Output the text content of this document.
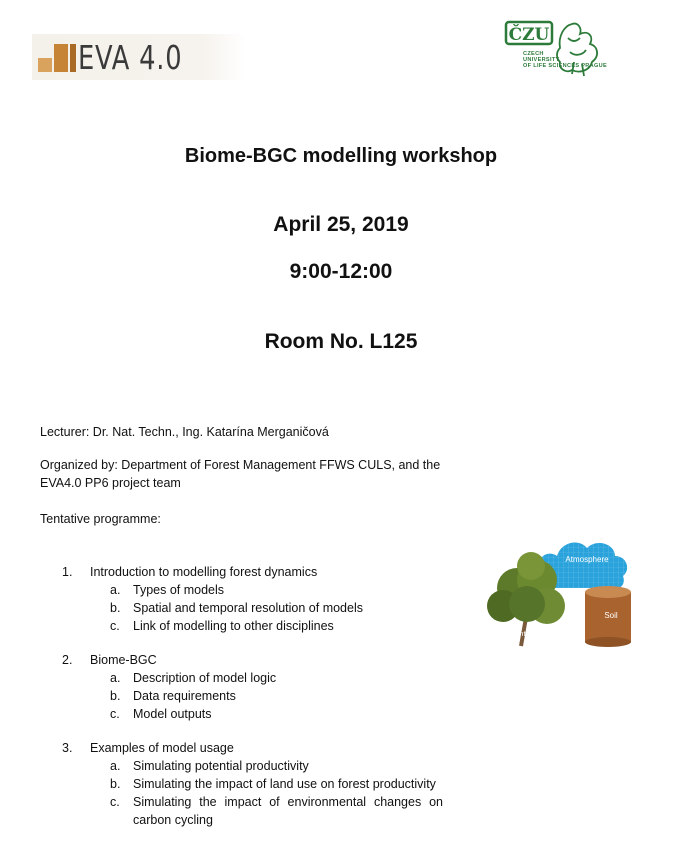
EVA 4.0
ČZU
CZECH
UNIVERSITY
OF LIFE SCIENCES PRAGUE
Biome-BGC modelling workshop
April 25, 2019
9:00-12:00
Room No. L125
Lecturer: Dr. Nat. Techn., Ing. Katarína Merganičová
Organized by: Department of Forest Management FFWS CULS, and the EVA4.0 PP6 project team
Tentative programme:
1. Introduction to modelling forest dynamics
a. Types of models
b. Spatial and temporal resolution of models
c. Link of modelling to other disciplines
2. Biome-BGC
a. Description of model logic
b. Data requirements
c. Model outputs
3. Examples of model usage
a. Simulating potential productivity
b. Simulating the impact of land use on forest productivity
c. Simulating the impact of environmental changes on carbon cycling
Atmosphere
Soil
Plant
